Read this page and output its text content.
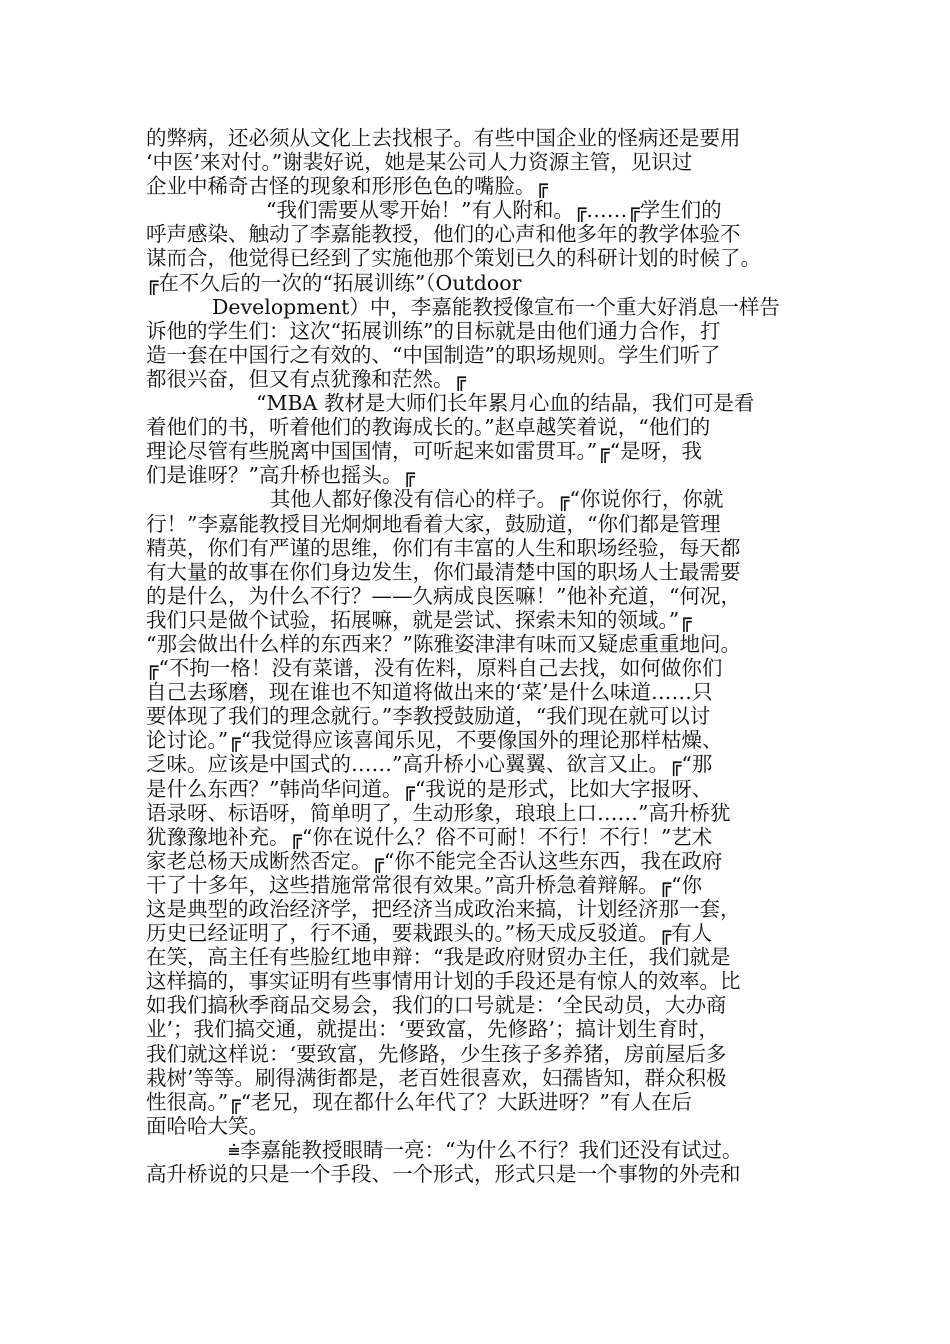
的弊病，还必须从文化上去找根子。有些中国企业的怪病还是要用
‘中医’来对付。”谢裴好说，她是某公司人力资源主管，见识过
企业中稀奇古怪的现象和形形色色的嘴脸。╔
“我们需要从零开始！”有人附和。╔……╔学生们的
呼声感染、触动了李嘉能教授，他们的心声和他多年的教学体验不
谋而合，他觉得已经到了实施他那个策划已久的科研计划的时候了。
╔在不久后的一次的“拓展训练”（Outdoor
Development）中，李嘉能教授像宣布一个重大好消息一样告
诉他的学生们：这次“拓展训练”的目标就是由他们通力合作，打
造一套在中国行之有效的、“中国制造”的职场规则。学生们听了
都很兴奋，但又有点犹豫和茫然。╔
“MBA 教材是大师们长年累月心血的结晶，我们可是看
着他们的书，听着他们的教诲成长的。”赵卓越笑着说，“他们的
理论尽管有些脱离中国国情，可听起来如雷贯耳。”╔“是呀，我
们是谁呀？”高升桥也摇头。╔
其他人都好像没有信心的样子。╔“你说你行，你就
行！”李嘉能教授目光炯炯地看着大家，鼓励道，“你们都是管理
精英，你们有严谨的思维，你们有丰富的人生和职场经验，每天都
有大量的故事在你们身边发生，你们最清楚中国的职场人士最需要
的是什么，为什么不行？——久病成良医嘛！”他补充道，“何况，
我们只是做个试验，拓展嘛，就是尝试、探索未知的领域。”╔
“那会做出什么样的东西来？”陈雅姿津津有味而又疑虑重重地问。
╔“不拘一格！没有菜谱，没有佐料，原料自己去找，如何做你们
自己去琢磨，现在谁也不知道将做出来的‘菜’是什么味道……只
要体现了我们的理念就行。”李教授鼓励道，“我们现在就可以讨
论讨论。”╔“我觉得应该喜闻乐见，不要像国外的理论那样枯燥、
乏味。应该是中国式的……”高升桥小心翼翼、欲言又止。╔“那
是什么东西？”韩尚华问道。╔“我说的是形式，比如大字报呀、
语录呀、标语呀，简单明了，生动形象，琅琅上口……”高升桥犹
犹豫豫地补充。╔“你在说什么？俗不可耐！不行！不行！”艺术
家老总杨天成断然否定。╔“你不能完全否认这些东西，我在政府
干了十多年，这些措施常常很有效果。”高升桥急着辩解。╔“你
这是典型的政治经济学，把经济当成政治来搞，计划经济那一套，
历史已经证明了，行不通，要栽跟头的。”杨天成反驳道。╔有人
在笑，高主任有些脸红地申辩：“我是政府财贸办主任，我们就是
这样搞的，事实证明有些事情用计划的手段还是有惊人的效率。比
如我们搞秋季商品交易会，我们的口号就是：‘全民动员，大办商
业’；我们搞交通，就提出：‘要致富，先修路’；搞计划生育时，
我们就这样说：‘要致富，先修路，少生孩子多养猪，房前屋后多
栽树’等等。刷得满街都是，老百姓很喜欢，妇孺皆知，群众积极
性很高。”╔“老兄，现在都什么年代了？大跃进呀？”有人在后
面哈哈大笑。
⩧李嘉能教授眼睛一亮：“为什么不行？我们还没有试过。
高升桥说的只是一个手段、一个形式，形式只是一个事物的外壳和
